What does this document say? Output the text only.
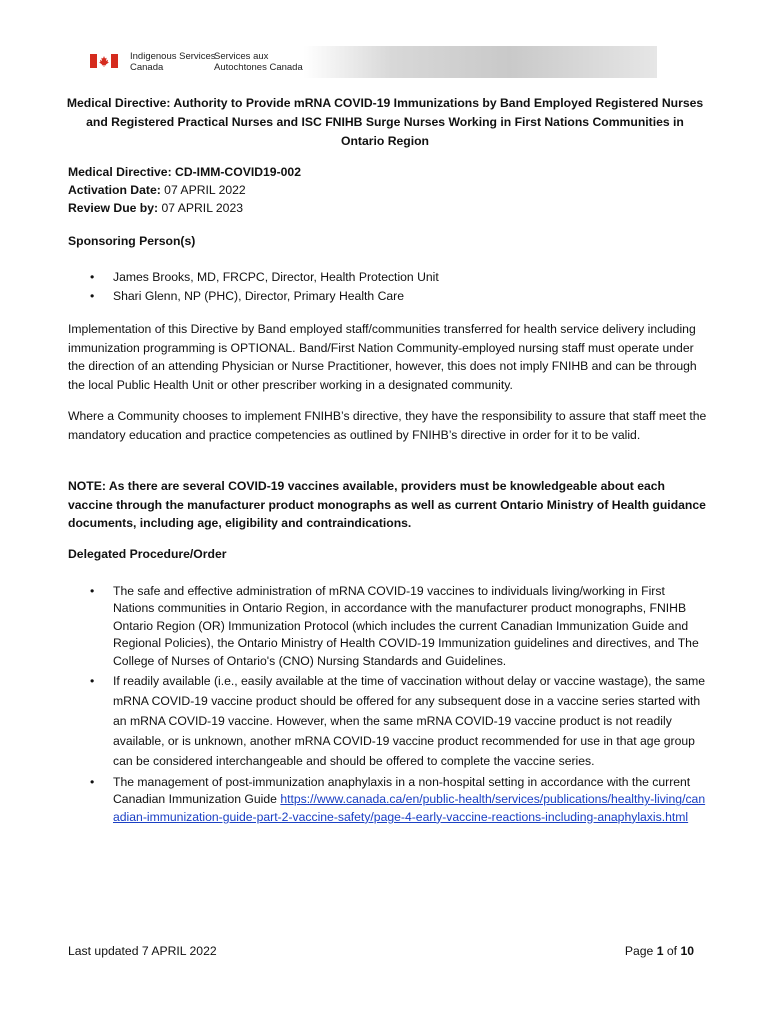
Indigenous Services
Canada
Services aux
Autochtones Canada
Medical Directive: Authority to Provide mRNA COVID-19 Immunizations by Band Employed Registered Nurses and Registered Practical Nurses and ISC FNIHB Surge Nurses Working in First Nations Communities in Ontario Region
Medical Directive: CD-IMM-COVID19-002
Activation Date: 07 APRIL 2022
Review Due by: 07 APRIL 2023
Sponsoring Person(s)
• James Brooks, MD, FRCPC, Director, Health Protection Unit
• Shari Glenn, NP (PHC), Director, Primary Health Care
Implementation of this Directive by Band employed staff/communities transferred for health service delivery including immunization programming is OPTIONAL. Band/First Nation Community-employed nursing staff must operate under the direction of an attending Physician or Nurse Practitioner, however, this does not imply FNIHB and can be through the local Public Health Unit or other prescriber working in a designated community.
Where a Community chooses to implement FNIHB’s directive, they have the responsibility to assure that staff meet the mandatory education and practice competencies as outlined by FNIHB’s directive in order for it to be valid.
NOTE: As there are several COVID-19 vaccines available, providers must be knowledgeable about each vaccine through the manufacturer product monographs as well as current Ontario Ministry of Health guidance documents, including age, eligibility and contraindications.
Delegated Procedure/Order
• The safe and effective administration of mRNA COVID-19 vaccines to individuals living/working in First Nations communities in Ontario Region, in accordance with the manufacturer product monographs, FNIHB Ontario Region (OR) Immunization Protocol (which includes the current Canadian Immunization Guide and Regional Policies), the Ontario Ministry of Health COVID-19 Immunization guidelines and directives, and The College of Nurses of Ontario's (CNO) Nursing Standards and Guidelines.
• If readily available (i.e., easily available at the time of vaccination without delay or vaccine wastage), the same mRNA COVID-19 vaccine product should be offered for any subsequent dose in a vaccine series started with an mRNA COVID-19 vaccine. However, when the same mRNA COVID-19 vaccine product is not readily available, or is unknown, another mRNA COVID-19 vaccine product recommended for use in that age group can be considered interchangeable and should be offered to complete the vaccine series.
• The management of post-immunization anaphylaxis in a non-hospital setting in accordance with the current Canadian Immunization Guide https://www.canada.ca/en/public-health/services/publications/healthy-living/canadian-immunization-guide-part-2-vaccine-safety/page-4-early-vaccine-reactions-including-anaphylaxis.html
Last updated 7 APRIL 2022	Page 1 of 10
